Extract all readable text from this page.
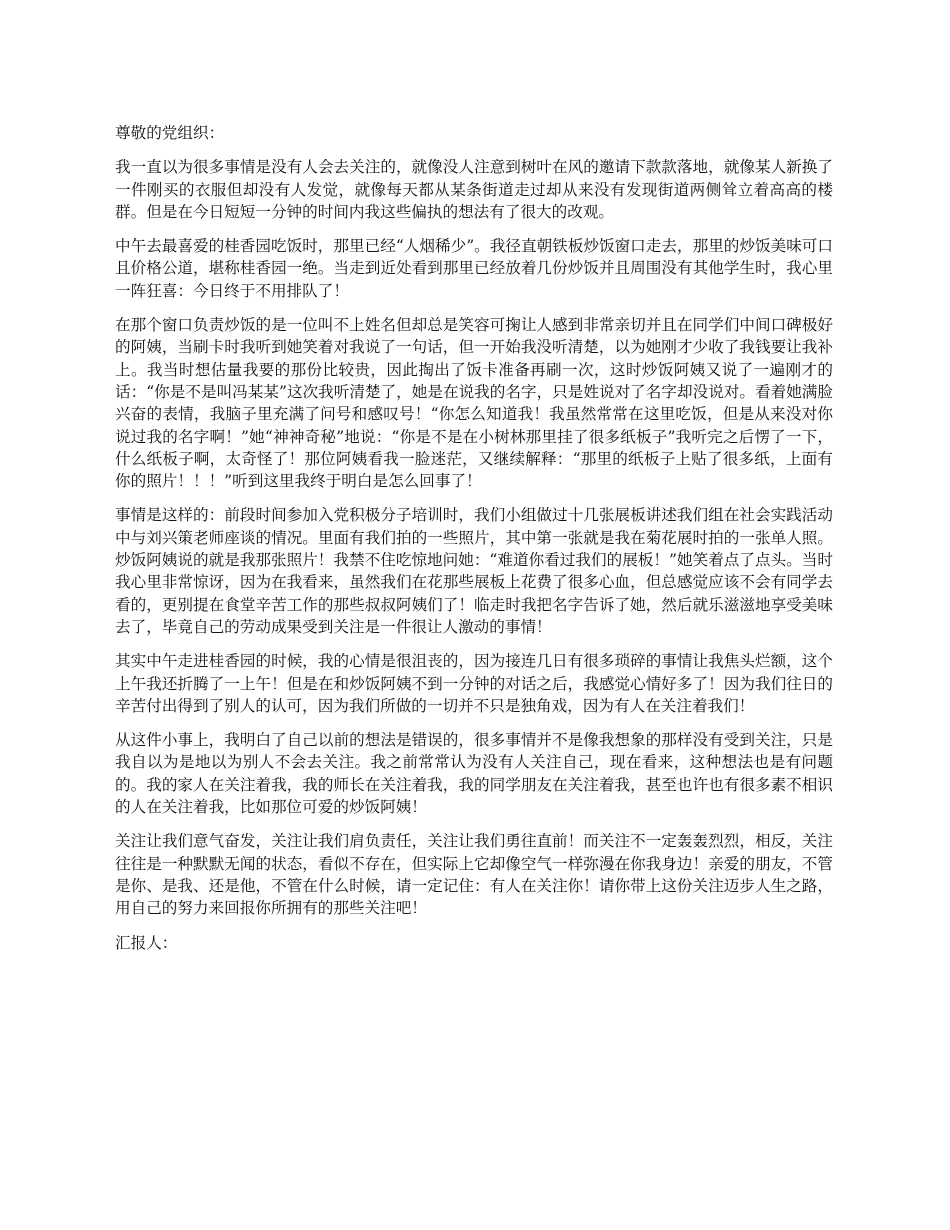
尊敬的党组织：

我一直以为很多事情是没有人会去关注的，就像没人注意到树叶在风的邀请下款款落地，就像某人新换了一件刚买的衣服但却没有人发觉，就像每天都从某条街道走过却从来没有发现街道两侧耸立着高高的楼群。但是在今日短短一分钟的时间内我这些偏执的想法有了很大的改观。

中午去最喜爱的桂香园吃饭时，那里已经“人烟稀少”。我径直朝铁板炒饭窗口走去，那里的炒饭美味可口且价格公道，堪称桂香园一绝。当走到近处看到那里已经放着几份炒饭并且周围没有其他学生时，我心里一阵狂喜：今日终于不用排队了！

在那个窗口负责炒饭的是一位叫不上姓名但却总是笑容可掬让人感到非常亲切并且在同学们中间口碑极好的阿姨，当刷卡时我听到她笑着对我说了一句话，但一开始我没听清楚，以为她刚才少收了我钱要让我补上。我当时想估量我要的那份比较贵，因此掏出了饭卡准备再刷一次，这时炒饭阿姨又说了一遍刚才的话：“你是不是叫冯某某”这次我听清楚了，她是在说我的名字，只是姓说对了名字却没说对。看着她满脸兴奋的表情，我脑子里充满了问号和感叹号！“你怎么知道我！我虽然常常在这里吃饭，但是从来没对你说过我的名字啊！”她“神神奇秘”地说：“你是不是在小树林那里挂了很多纸板子”我听完之后愣了一下，什么纸板子啊，太奇怪了！那位阿姨看我一脸迷茫，又继续解释：“那里的纸板子上贴了很多纸，上面有你的照片！！！”听到这里我终于明白是怎么回事了！

事情是这样的：前段时间参加入党积极分子培训时，我们小组做过十几张展板讲述我们组在社会实践活动中与刘兴策老师座谈的情况。里面有我们拍的一些照片，其中第一张就是我在菊花展时拍的一张单人照。炒饭阿姨说的就是我那张照片！我禁不住吃惊地问她：“难道你看过我们的展板！”她笑着点了点头。当时我心里非常惊讶，因为在我看来，虽然我们在花那些展板上花费了很多心血，但总感觉应该不会有同学去看的，更别提在食堂辛苦工作的那些叔叔阿姨们了！临走时我把名字告诉了她，然后就乐滋滋地享受美味去了，毕竟自己的劳动成果受到关注是一件很让人激动的事情！

其实中午走进桂香园的时候，我的心情是很沮丧的，因为接连几日有很多琐碎的事情让我焦头烂额，这个上午我还折腾了一上午！但是在和炒饭阿姨不到一分钟的对话之后，我感觉心情好多了！因为我们往日的辛苦付出得到了别人的认可，因为我们所做的一切并不只是独角戏，因为有人在关注着我们！

从这件小事上，我明白了自己以前的想法是错误的，很多事情并不是像我想象的那样没有受到关注，只是我自以为是地以为别人不会去关注。我之前常常认为没有人关注自己，现在看来，这种想法也是有问题的。我的家人在关注着我，我的师长在关注着我，我的同学朋友在关注着我，甚至也许也有很多素不相识的人在关注着我，比如那位可爱的炒饭阿姨！

关注让我们意气奋发，关注让我们肩负责任，关注让我们勇往直前！而关注不一定轰轰烈烈，相反，关注往往是一种默默无闻的状态，看似不存在，但实际上它却像空气一样弥漫在你我身边！亲爱的朋友，不管是你、是我、还是他，不管在什么时候，请一定记住：有人在关注你！请你带上这份关注迈步人生之路，用自己的努力来回报你所拥有的那些关注吧！

汇报人：
